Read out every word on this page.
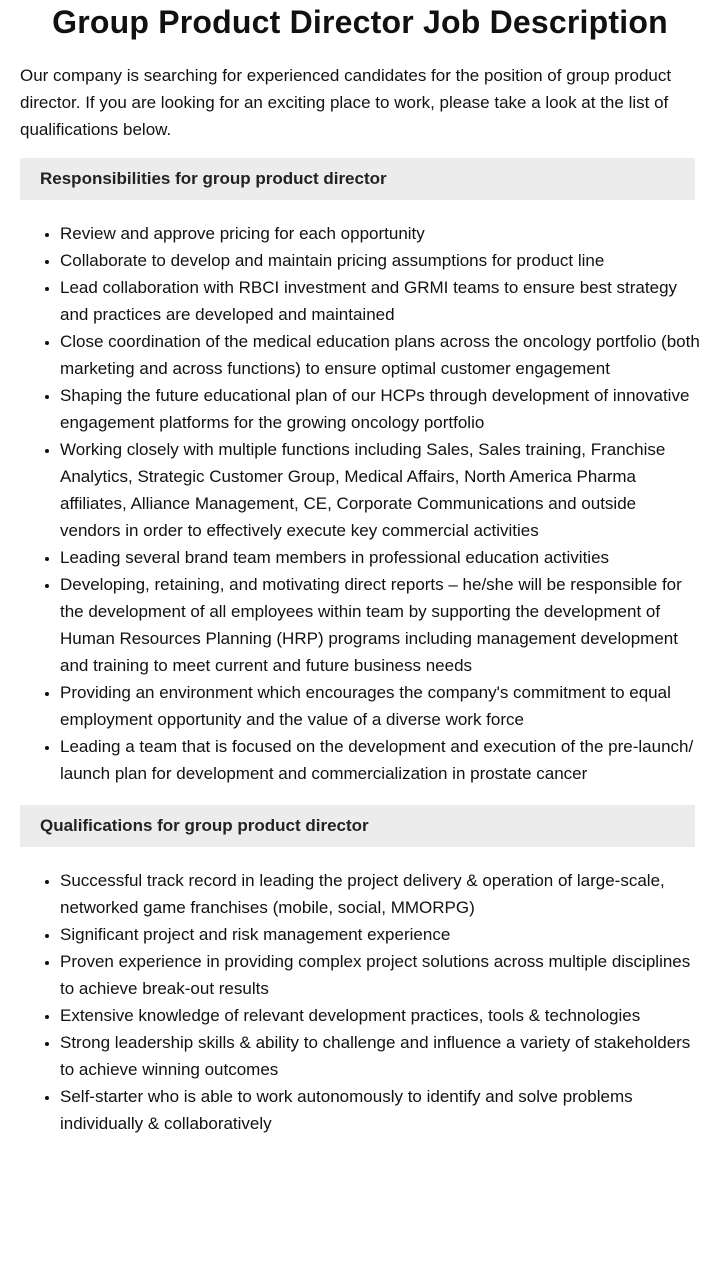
Group Product Director Job Description

Our company is searching for experienced candidates for the position of group product director. If you are looking for an exciting place to work, please take a look at the list of qualifications below.

Responsibilities for group product director
• Review and approve pricing for each opportunity
• Collaborate to develop and maintain pricing assumptions for product line
• Lead collaboration with RBCI investment and GRMI teams to ensure best strategy and practices are developed and maintained
• Close coordination of the medical education plans across the oncology portfolio (both marketing and across functions) to ensure optimal customer engagement
• Shaping the future educational plan of our HCPs through development of innovative engagement platforms for the growing oncology portfolio
• Working closely with multiple functions including Sales, Sales training, Franchise Analytics, Strategic Customer Group, Medical Affairs, North America Pharma affiliates, Alliance Management, CE, Corporate Communications and outside vendors in order to effectively execute key commercial activities
• Leading several brand team members in professional education activities
• Developing, retaining, and motivating direct reports – he/she will be responsible for the development of all employees within team by supporting the development of Human Resources Planning (HRP) programs including management development and training to meet current and future business needs
• Providing an environment which encourages the company's commitment to equal employment opportunity and the value of a diverse work force
• Leading a team that is focused on the development and execution of the pre-launch/ launch plan for development and commercialization in prostate cancer
Qualifications for group product director
• Successful track record in leading the project delivery & operation of large-scale, networked game franchises (mobile, social, MMORPG)
• Significant project and risk management experience
• Proven experience in providing complex project solutions across multiple disciplines to achieve break-out results
• Extensive knowledge of relevant development practices, tools & technologies
• Strong leadership skills & ability to challenge and influence a variety of stakeholders to achieve winning outcomes
• Self-starter who is able to work autonomously to identify and solve problems individually & collaboratively
